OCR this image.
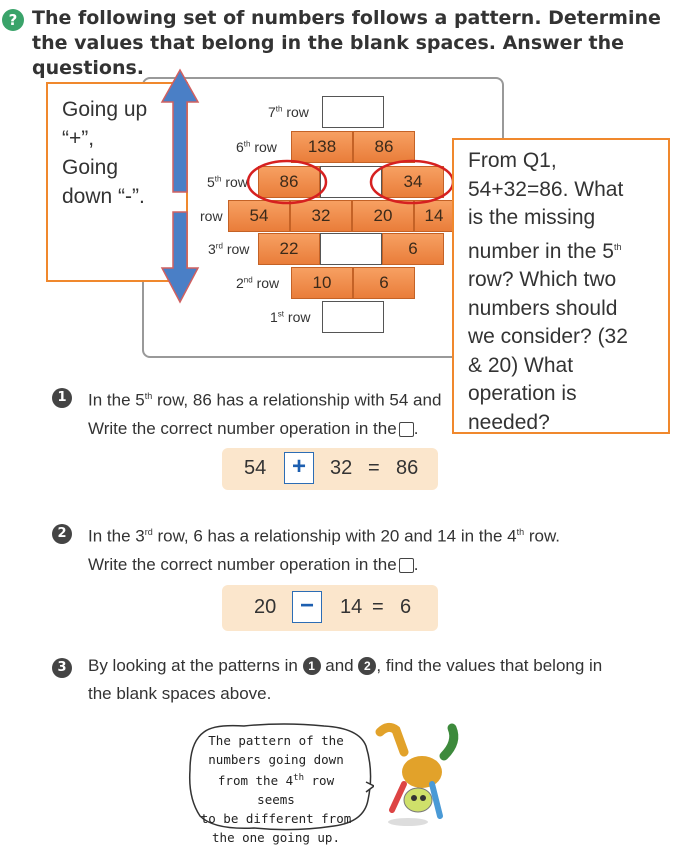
? The following set of numbers follows a pattern. Determine the values that belong in the blank spaces. Answer the questions.
7th row
6th row
5th row
row
3rd row
2nd row
1st row
138	86
86	34
54	32	20	14
22	6
10	6
Going up
“+”,
Going
down “-”.
From Q1,
54+32=86. What
is the missing
number in the 5th
row? Which two
numbers should
we consider? (32
& 20) What
operation is
needed?
1	In the 5th row, 86 has a relationship with 54 and
Write the correct number operation in the .
54	+	32 = 86
2	In the 3rd row, 6 has a relationship with 20 and 14 in the 4th row.
Write the correct number operation in the .
20 −	14 = 6
3	By looking at the patterns in 1 and 2 , find the values that belong in
the blank spaces above.
The pattern of the
numbers going down
from the 4th row seems
to be different from
the one going up.
